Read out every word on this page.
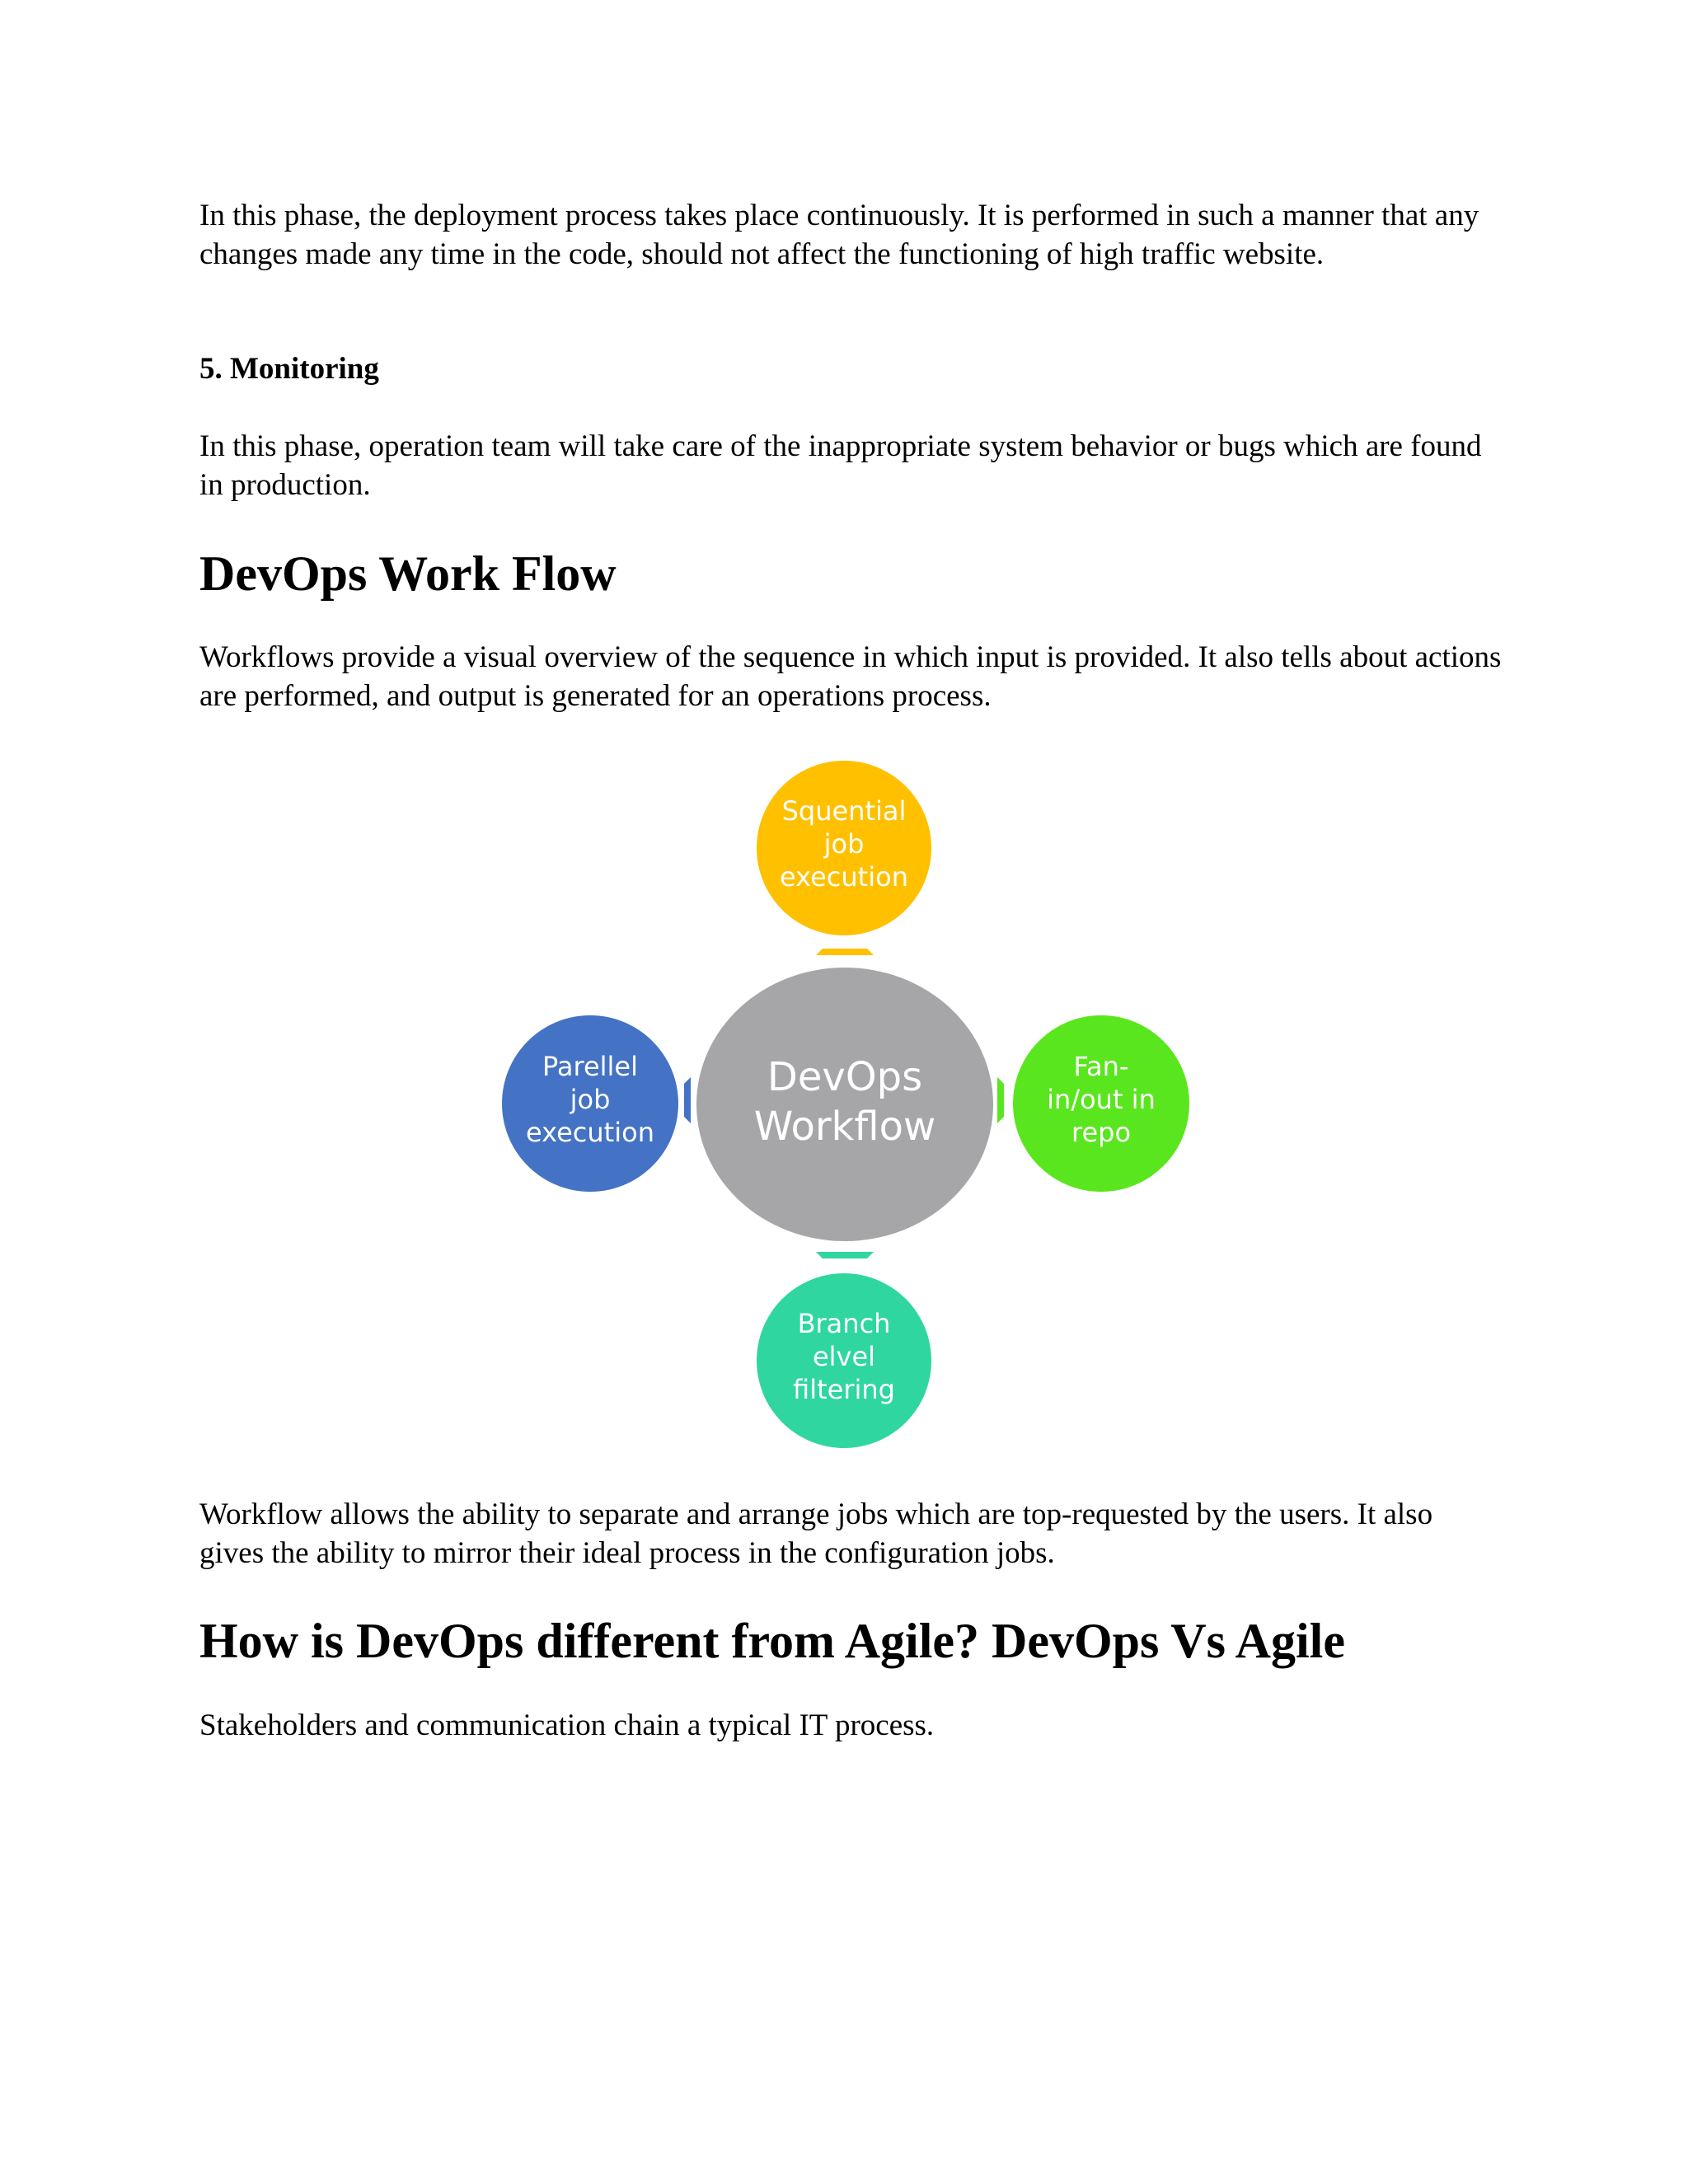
In this phase, the deployment process takes place continuously. It is performed in such a manner that any changes made any time in the code, should not affect the functioning of high traffic website.

5. Monitoring

In this phase, operation team will take care of the inappropriate system behavior or bugs which are found in production.

DevOps Work Flow

Workflows provide a visual overview of the sequence in which input is provided. It also tells about actions are performed, and output is generated for an operations process.

DevOps
Workflow
Squential
job
execution
Parellel
job
execution
Fan-
in/out in
repo
Branch
elvel
filtering

Workflow allows the ability to separate and arrange jobs which are top-requested by the users. It also gives the ability to mirror their ideal process in the configuration jobs.

How is DevOps different from Agile? DevOps Vs Agile

Stakeholders and communication chain a typical IT process.
